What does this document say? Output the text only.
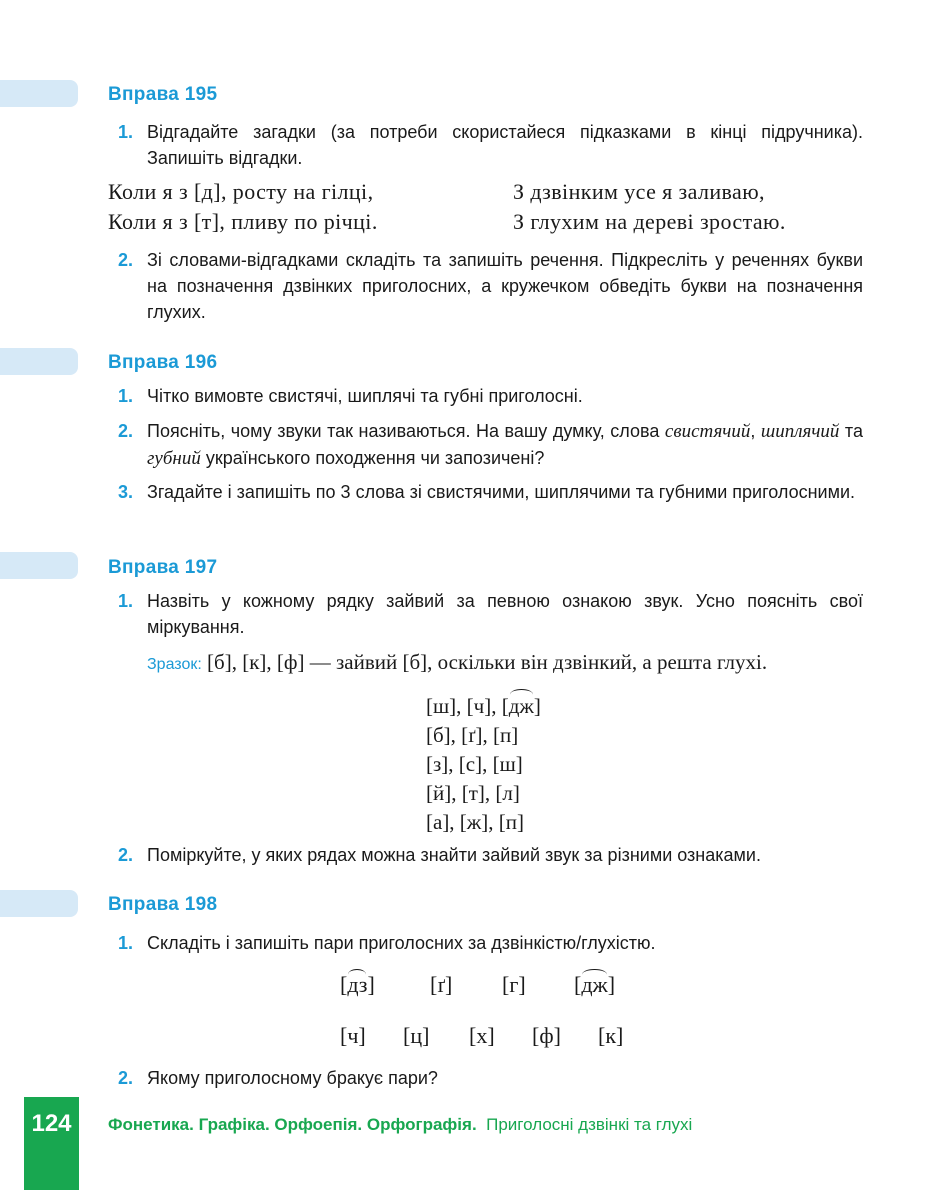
Вправа 195
1. Відгадайте загадки (за потреби скористайеся підказками в кінці підручника). Запишіть відгадки.
Коли я з [д], росту на гілці,
Коли я з [т], пливу по річці.
З дзвінким усе я заливаю,
З глухим на дереві зростаю.
2. Зі словами-відгадками складіть та запишіть речення. Підкресліть у реченнях букви на позначення дзвінких приголосних, а кружечком обведіть букви на позначення глухих.
Вправа 196
1. Чітко вимовте свистячі, шиплячі та губні приголосні.
2. Поясніть, чому звуки так називаються. На вашу думку, слова свистячий, шиплячий та губний українського походження чи запозичені?
3. Згадайте і запишіть по 3 слова зі свистячими, шиплячими та губними приголосними.
Вправа 197
1. Назвіть у кожному рядку зайвий за певною ознакою звук. Усно поясніть свої міркування.
Зразок: [б], [к], [ф] — зайвий [б], оскільки він дзвінкий, а решта глухі.
[ш], [ч], [дж]
[б], [ґ], [п]
[з], [с], [ш]
[й], [т], [л]
[а], [ж], [п]
2. Поміркуйте, у яких рядах можна знайти зайвий звук за різними ознаками.
Вправа 198
1. Складіть і запишіть пари приголосних за дзвінкістю/глухістю.
[дз]	[ґ] [г] [дж]
[ч] [ц] [х] [ф] [к]
2. Якому приголосному бракує пари?
124	Фонетика. Графіка. Орфоепія. Орфографія. Приголосні дзвінкі та глухі
